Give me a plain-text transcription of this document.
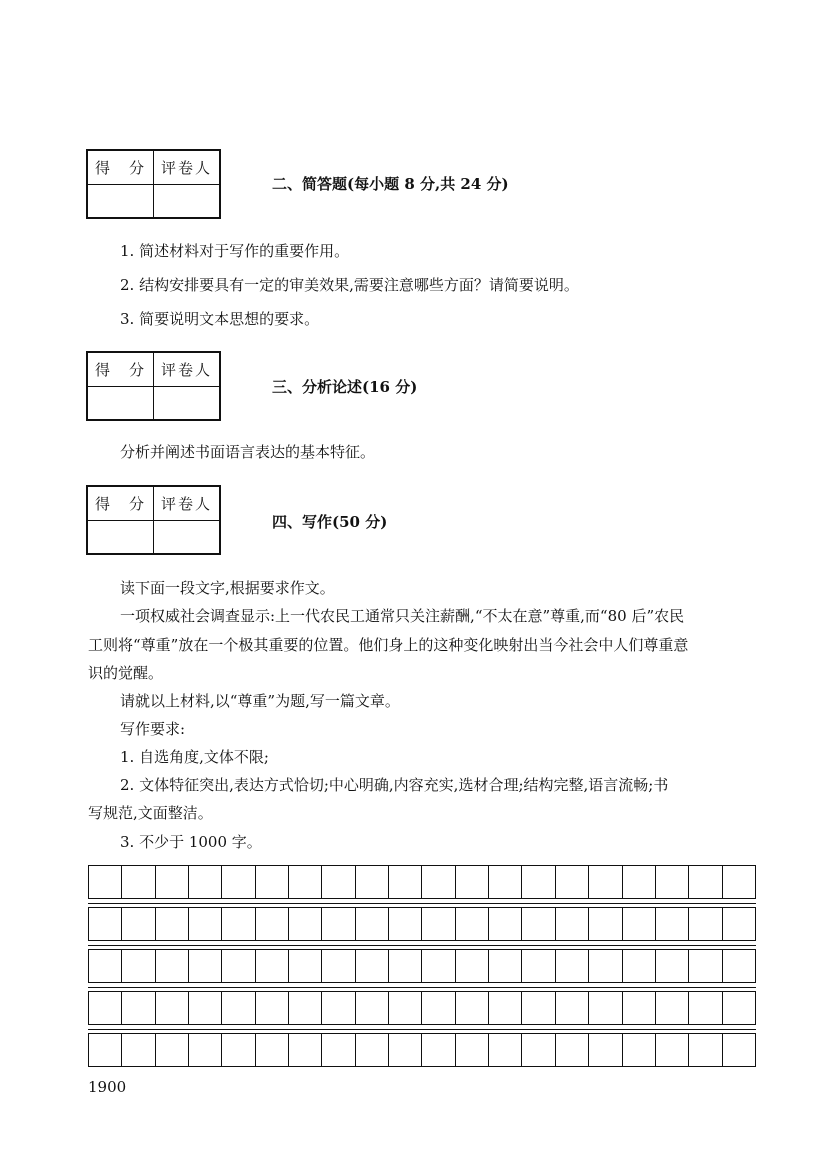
得　分	评卷人

二、简答题(每小题 8 分,共 24 分)
1. 简述材料对于写作的重要作用。
2. 结构安排要具有一定的审美效果,需要注意哪些方面？请简要说明。
3. 简要说明文本思想的要求。
得　分	评卷人

三、分析论述(16 分)
分析并阐述书面语言表达的基本特征。
得　分	评卷人

四、写作(50 分)
读下面一段文字,根据要求作文。
一项权威社会调查显示:上一代农民工通常只关注薪酬,“不太在意”尊重,而“80 后”农民
工则将“尊重”放在一个极其重要的位置。他们身上的这种变化映射出当今社会中人们尊重意
识的觉醒。
请就以上材料,以“尊重”为题,写一篇文章。
写作要求:
1. 自选角度,文体不限;
2. 文体特征突出,表达方式恰切;中心明确,内容充实,选材合理;结构完整,语言流畅;书
写规范,文面整洁。
3. 不少于 1000 字。
1900
